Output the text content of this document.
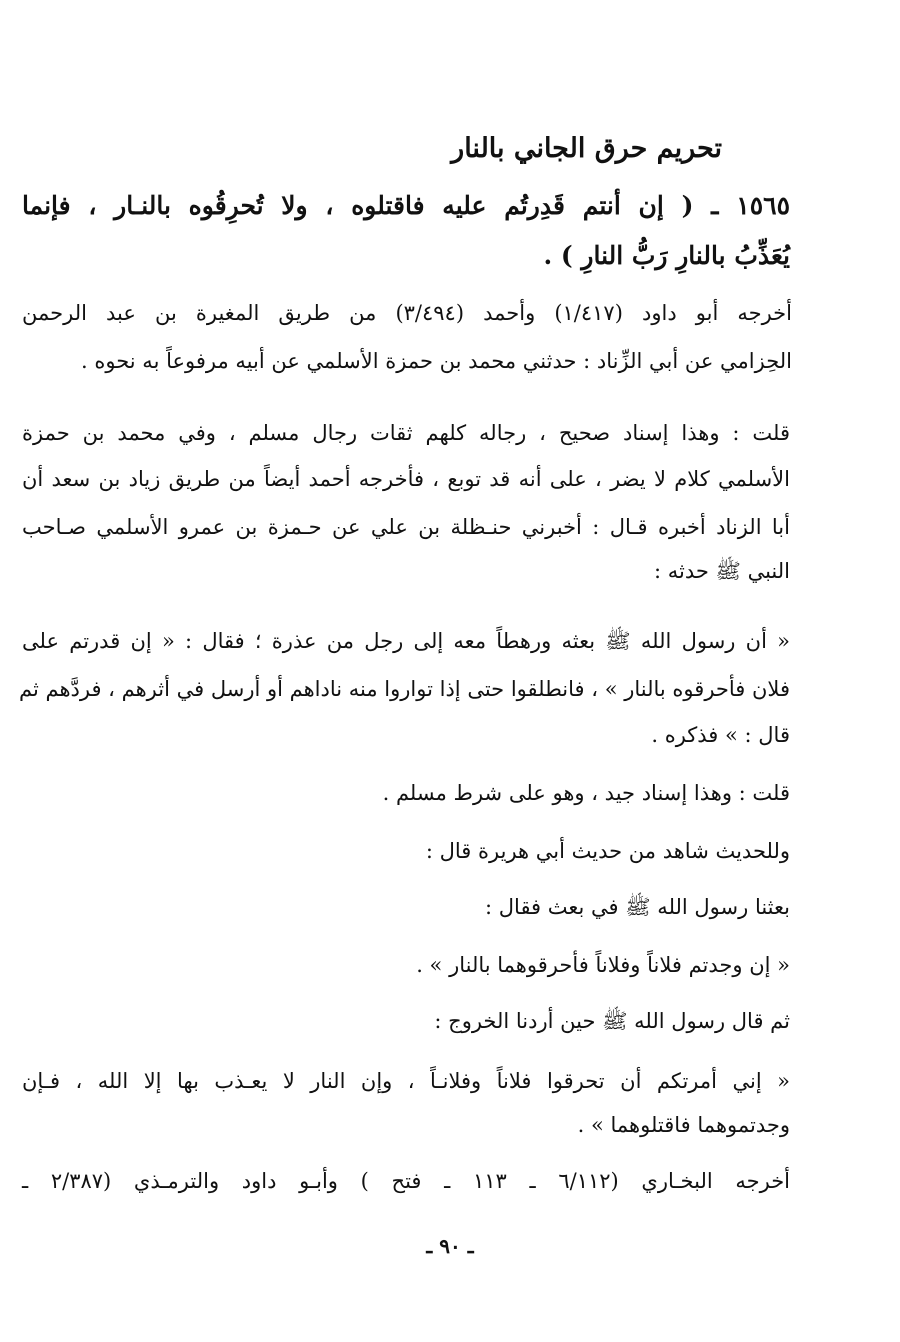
تحريم حرق الجاني بالنار
١٥٦٥ ـ ( إن أنتم قَدِرتُم عليه فاقتلوه ، ولا تُحرِقُوه بالنـار ، فإنما
يُعَذِّبُ بالنارِ رَبُّ النارِ ) .
أخرجه أبو داود (١/٤١٧) وأحمد (٣/٤٩٤) من طريق المغيرة بن عبد الرحمن
الحِزامي عن أبي الزِّناد : حدثني محمد بن حمزة الأسلمي عن أبيه مرفوعاً به نحوه .
قلت : وهذا إسناد صحيح ، رجاله كلهم ثقات رجال مسلم ، وفي محمد بن حمزة
الأسلمي كلام لا يضر ، على أنه قد توبع ، فأخرجه أحمد أيضاً من طريق زياد بن سعد أن
أبا الزناد أخبره قـال : أخبرني حنـظلة بن علي عن حـمزة بن عمرو الأسلمي صـاحب
النبي ﷺ حدثه :
« أن رسول الله ﷺ بعثه ورهطاً معه إلى رجل من عذرة ؛ فقال : « إن قدرتم على
فلان فأحرقوه بالنار » ، فانطلقوا حتى إذا تواروا منه ناداهم أو أرسل في أثرهم ، فردَّهم ثم
قال : » فذكره .
قلت : وهذا إسناد جيد ، وهو على شرط مسلم .
وللحديث شاهد من حديث أبي هريرة قال :
بعثنا رسول الله ﷺ في بعث فقال :
« إن وجدتم فلاناً وفلاناً فأحرقوهما بالنار » .
ثم قال رسول الله ﷺ حين أردنا الخروج :
« إني أمرتكم أن تحرقوا فلاناً وفلانـاً ، وإن النار لا يعـذب بها إلا الله ، فـإن
وجدتموهما فاقتلوهما » .
أخرجه البخـاري (٦/١١٢ ـ ١١٣ ـ فتح ) وأبـو داود والترمـذي (٢/٣٨٧ ـ
ـ ٩٠ ـ
